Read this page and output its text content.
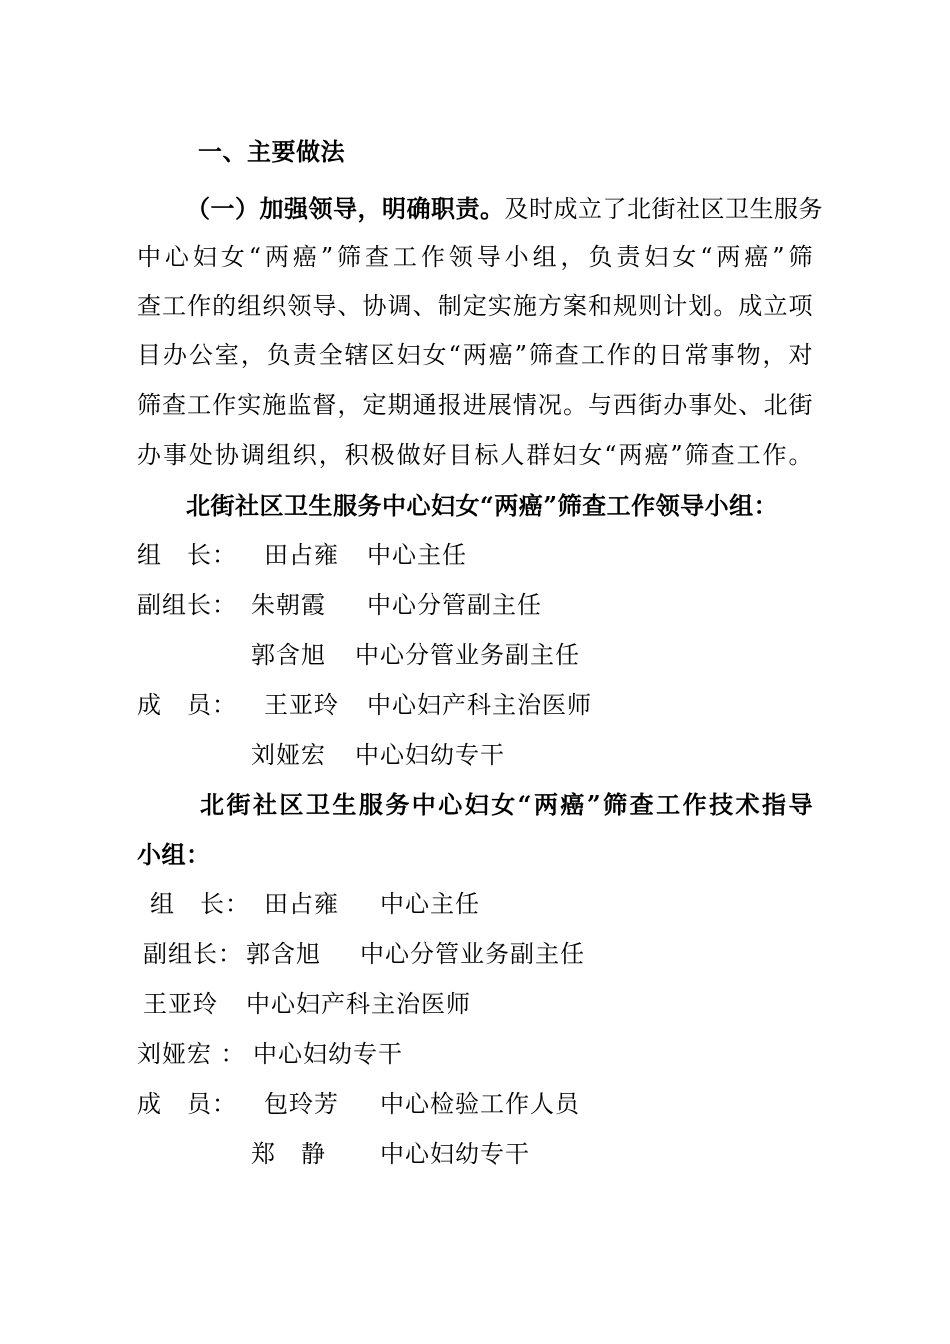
一、主要做法
（一）加强领导，明确职责。及时成立了北街社区卫生服务
中心妇女“两癌”筛查工作领导小组，负责妇女“两癌”筛
查工作的组织领导、协调、制定实施方案和规则计划。成立项
目办公室，负责全辖区妇女“两癌”筛查工作的日常事物，对
筛查工作实施监督，定期通报进展情况。与西街办事处、北街
办事处协调组织，积极做好目标人群妇女“两癌”筛查工作。
北街社区卫生服务中心妇女“两癌”筛查工作领导小组：
组　长： 田占雍 中心主任
副组长： 朱朝霞 中心分管副主任
郭含旭 中心分管业务副主任
成　员： 王亚玲 中心妇产科主治医师
刘娅宏 中心妇幼专干
北街社区卫生服务中心妇女“两癌”筛查工作技术指导
小组：
组　长： 田占雍 中心主任
副组长： 郭含旭 中心分管业务副主任
王亚玲 中心妇产科主治医师
刘娅宏 ： 中心妇幼专干
成　员： 包玲芳 中心检验工作人员
郑　静 中心妇幼专干
